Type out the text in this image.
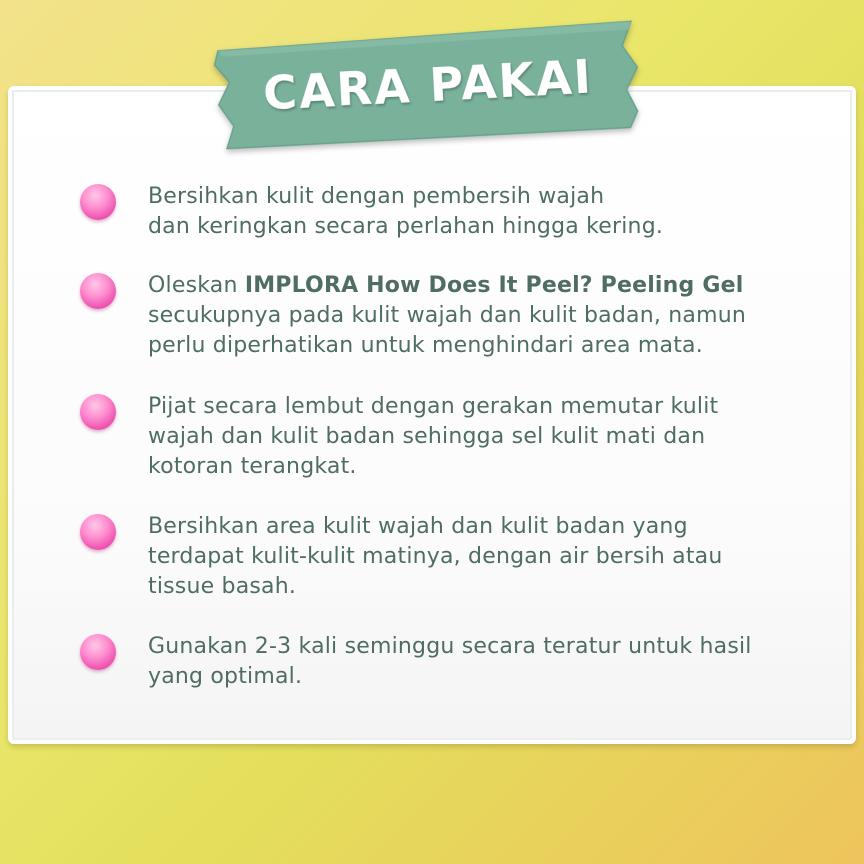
CARA PAKAI
Bersihkan kulit dengan pembersih wajah
dan keringkan secara perlahan hingga kering.
Oleskan IMPLORA How Does It Peel? Peeling Gel
secukupnya pada kulit wajah dan kulit badan, namun
perlu diperhatikan untuk menghindari area mata.
Pijat secara lembut dengan gerakan memutar kulit
wajah dan kulit badan sehingga sel kulit mati dan
kotoran terangkat.
Bersihkan area kulit wajah dan kulit badan yang
terdapat kulit-kulit matinya, dengan air bersih atau
tissue basah.
Gunakan 2-3 kali seminggu secara teratur untuk hasil
yang optimal.
